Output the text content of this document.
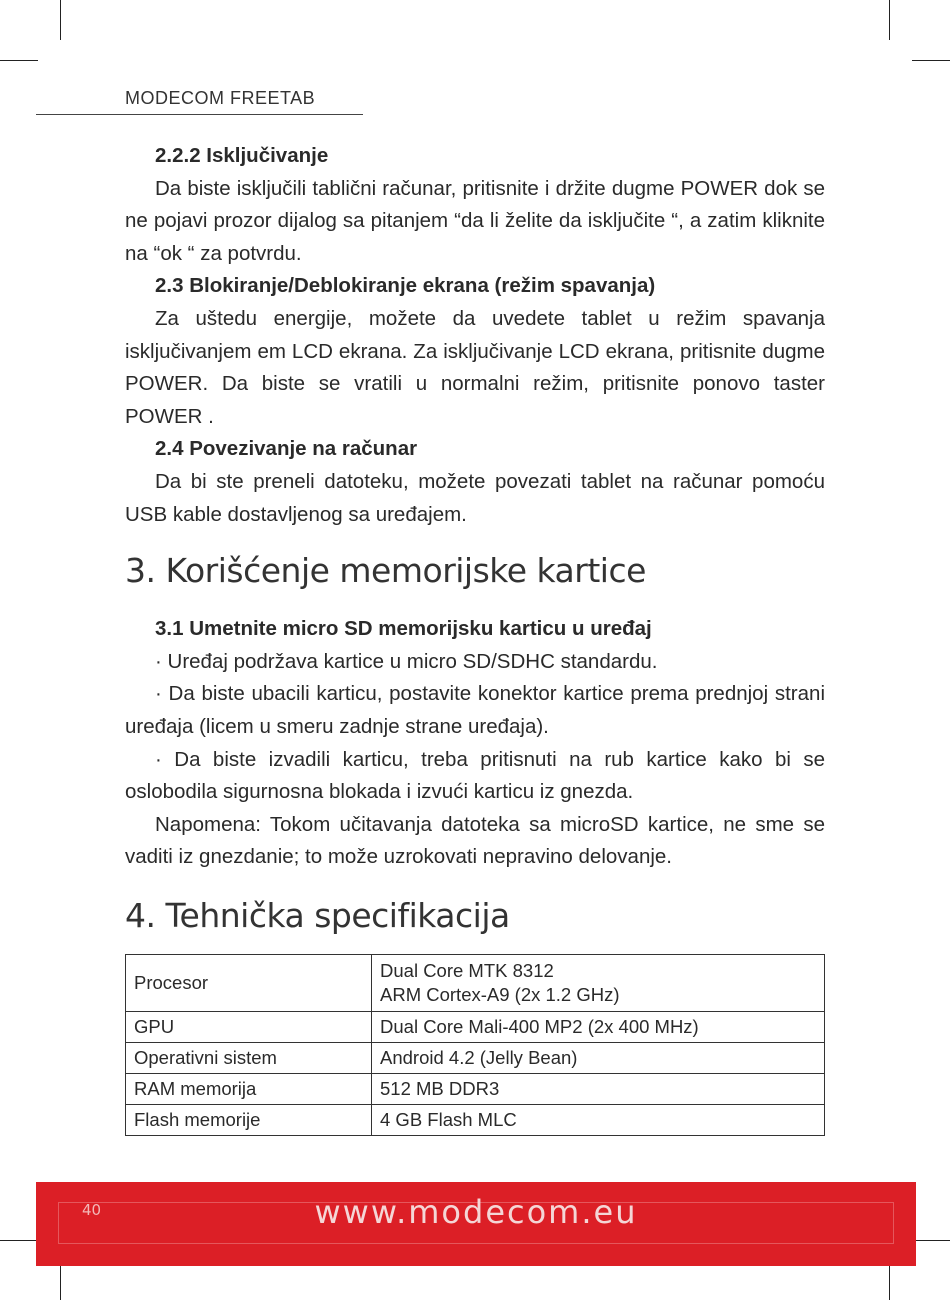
MODECOM FREETAB
2.2.2 Isključivanje

Da biste isključili tablični računar, pritisnite i držite dugme POWER dok se ne pojavi prozor dijalog sa pitanjem “da li želite da isključite “, a zatim kliknite na “ok “ za potvrdu.

2.3 Blokiranje/Deblokiranje ekrana (režim spavanja)

Za uštedu energije, možete da uvedete tablet u režim spavanja isključivanjem em LCD ekrana. Za isključivanje LCD ekrana, pritisnite dugme POWER. Da biste se vratili u normalni režim, pritisnite ponovo taster POWER .

2.4 Povezivanje na računar

Da bi ste preneli datoteku, možete povezati tablet na računar pomoću USB kable dostavljenog sa uređajem.

3. Korišćenje memorijske kartice
3.1 Umetnite micro SD memorijsku karticu u uređaj

· Uređaj podržava kartice u micro SD/SDHC standardu.

· Da biste ubacili karticu, postavite konektor kartice prema prednjoj strani uređaja (licem u smeru zadnje strane uređaja).

· Da biste izvadili karticu, treba pritisnuti na rub kartice kako bi se oslobodila sigurnosna blokada i izvući karticu iz gnezda.

Napomena: Tokom učitavanja datoteka sa microSD kartice, ne sme se vaditi iz gnezdanie; to može uzrokovati nepravino delovanje.

4. Tehnička specifikacija
Procesor	Dual Core MTK 8312
ARM Cortex-A9 (2x 1.2 GHz)

GPU	Dual Core Mali-400 MP2 (2x 400 MHz)
Operativni sistem	Android 4.2 (Jelly Bean)
RAM memorija	512 MB DDR3
Flash memorije	4 GB Flash MLC
40	www.modecom.eu
